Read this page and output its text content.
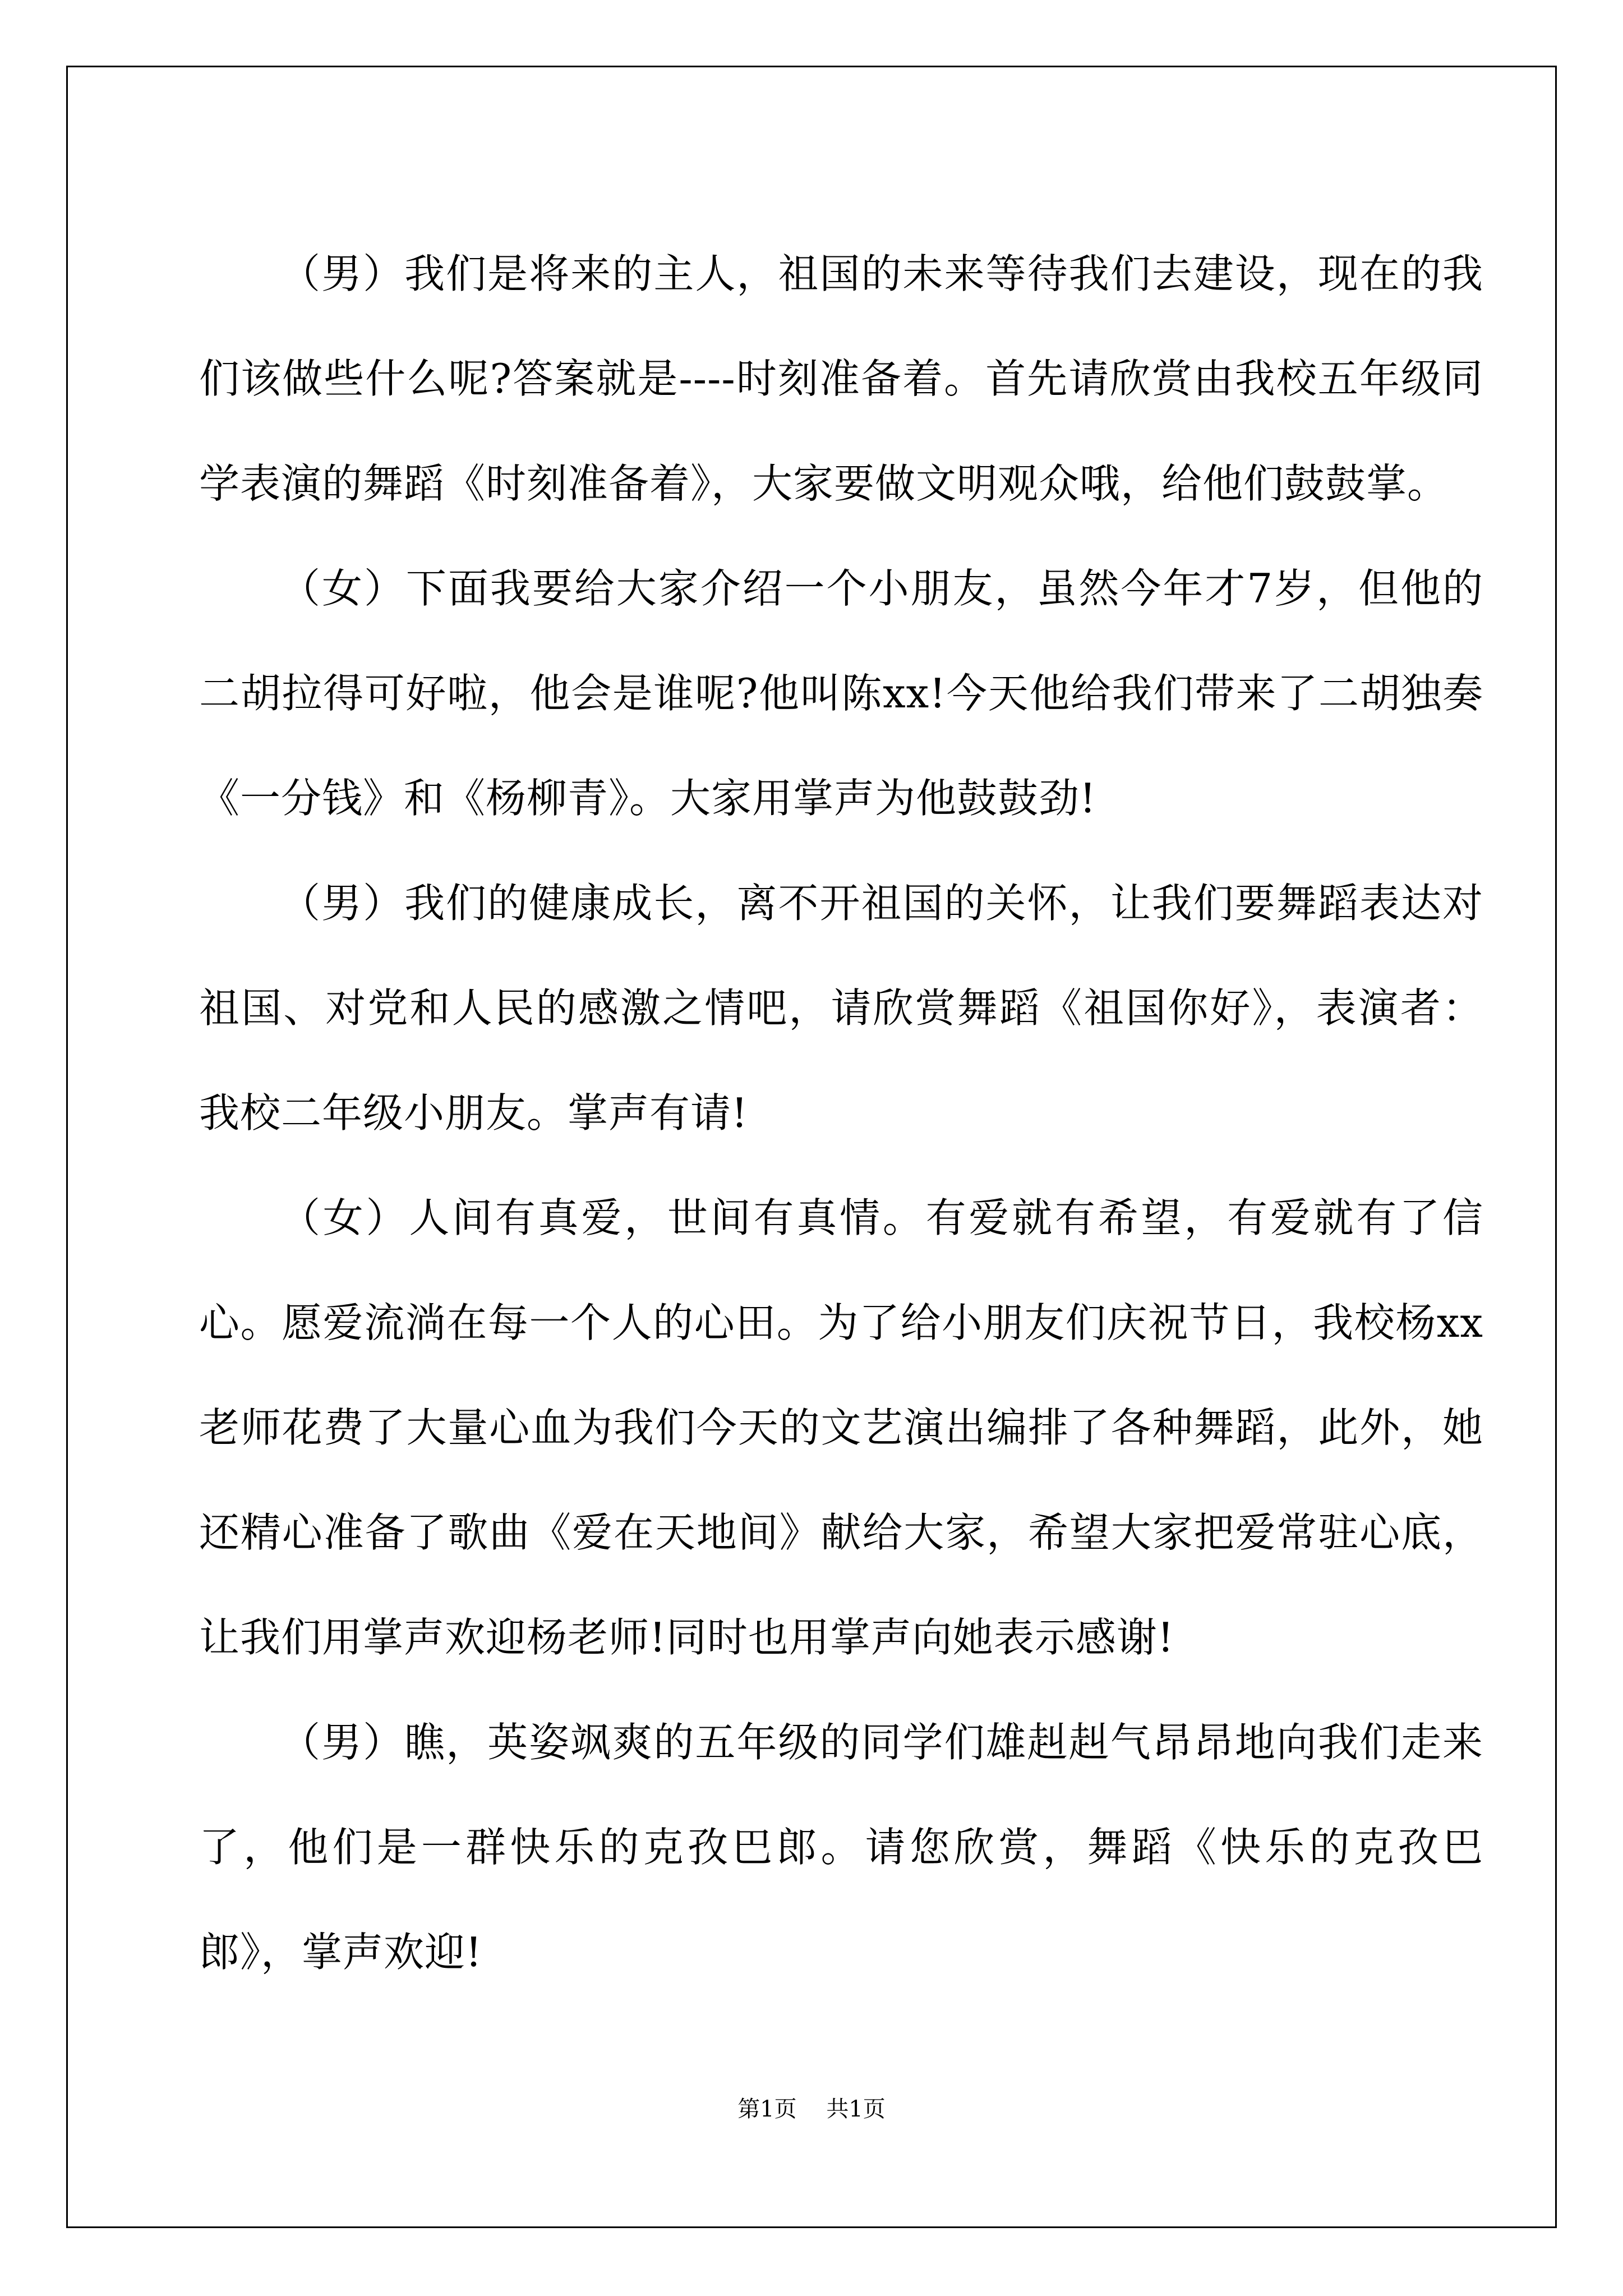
（男）我们是将来的主人，祖国的未来等待我们去建设，现在的我们该做些什么呢?答案就是----时刻准备着。首先请欣赏由我校五年级同学表演的舞蹈《时刻准备着》，大家要做文明观众哦，给他们鼓鼓掌。

（女）下面我要给大家介绍一个小朋友，虽然今年才7岁，但他的二胡拉得可好啦，他会是谁呢?他叫陈xx!今天他给我们带来了二胡独奏《一分钱》和《杨柳青》。大家用掌声为他鼓鼓劲!

（男）我们的健康成长，离不开祖国的关怀，让我们要舞蹈表达对祖国、对党和人民的感激之情吧，请欣赏舞蹈《祖国你好》，表演者：我校二年级小朋友。掌声有请!

（女）人间有真爱，世间有真情。有爱就有希望，有爱就有了信心。愿爱流淌在每一个人的心田。为了给小朋友们庆祝节日，我校杨xx老师花费了大量心血为我们今天的文艺演出编排了各种舞蹈，此外，她还精心准备了歌曲《爱在天地间》献给大家，希望大家把爱常驻心底，让我们用掌声欢迎杨老师!同时也用掌声向她表示感谢!

（男）瞧，英姿飒爽的五年级的同学们雄赳赳气昂昂地向我们走来了，他们是一群快乐的克孜巴郎。请您欣赏，舞蹈《快乐的克孜巴郎》，掌声欢迎!

第1页 共1页
